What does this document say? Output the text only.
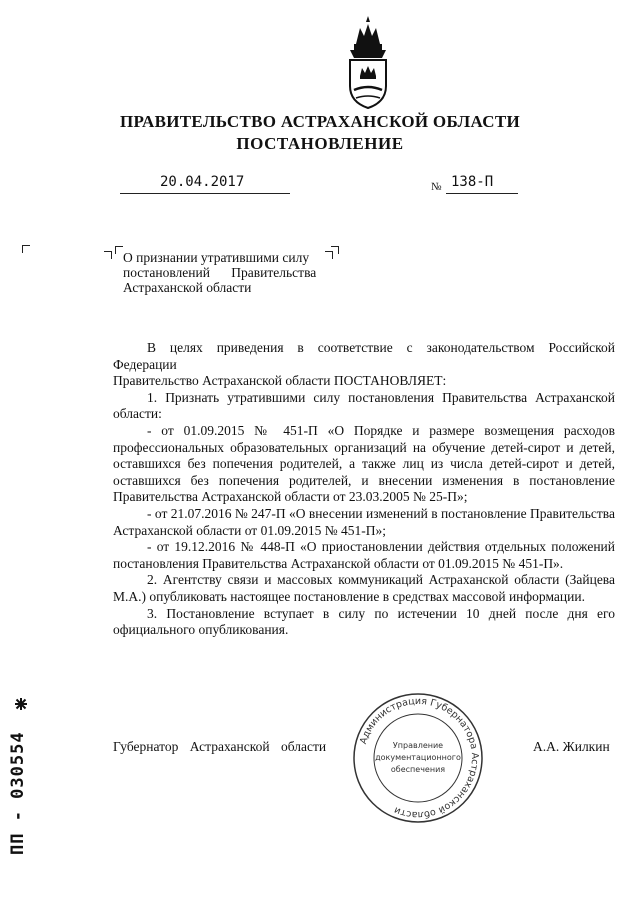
ПРАВИТЕЛЬСТВО АСТРАХАНСКОЙ ОБЛАСТИ
ПОСТАНОВЛЕНИЕ
20.04.2017	№ 138-П
О признании утратившими силу
постановлений Правительства
Астраханской области

В целях приведения в соответствие с законодательством Российской

Федерации

Правительство Астраханской области ПОСТАНОВЛЯЕТ:

1. Признать утратившими силу постановления Правительства Астраханской области:

- от 01.09.2015 № 451-П «О Порядке и размере возмещения расходов профессиональных образовательных организаций на обучение детей-сирот и детей, оставшихся без попечения родителей, а также лиц из числа детей-сирот и детей, оставшихся без попечения родителей, и внесении изменения в постановление Правительства Астраханской области от 23.03.2005 № 25-П»;

- от 21.07.2016 № 247-П «О внесении изменений в постановление Правительства Астраханской области от 01.09.2015 № 451-П»;

- от 19.12.2016 № 448-П «О приостановлении действия отдельных положений постановления Правительства Астраханской области от 01.09.2015 № 451-П».

2. Агентству связи и массовых коммуникаций Астраханской области (Зайцева М.А.) опубликовать настоящее постановление в средствах массовой информации.

3. Постановление вступает в силу по истечении 10 дней после дня его официального опубликования.

Губернатор Астраханской области	А.А. Жилкин
Администрация Губернатора Астраханской области
Управление
документационного
обеспечения
ПП - 030554
